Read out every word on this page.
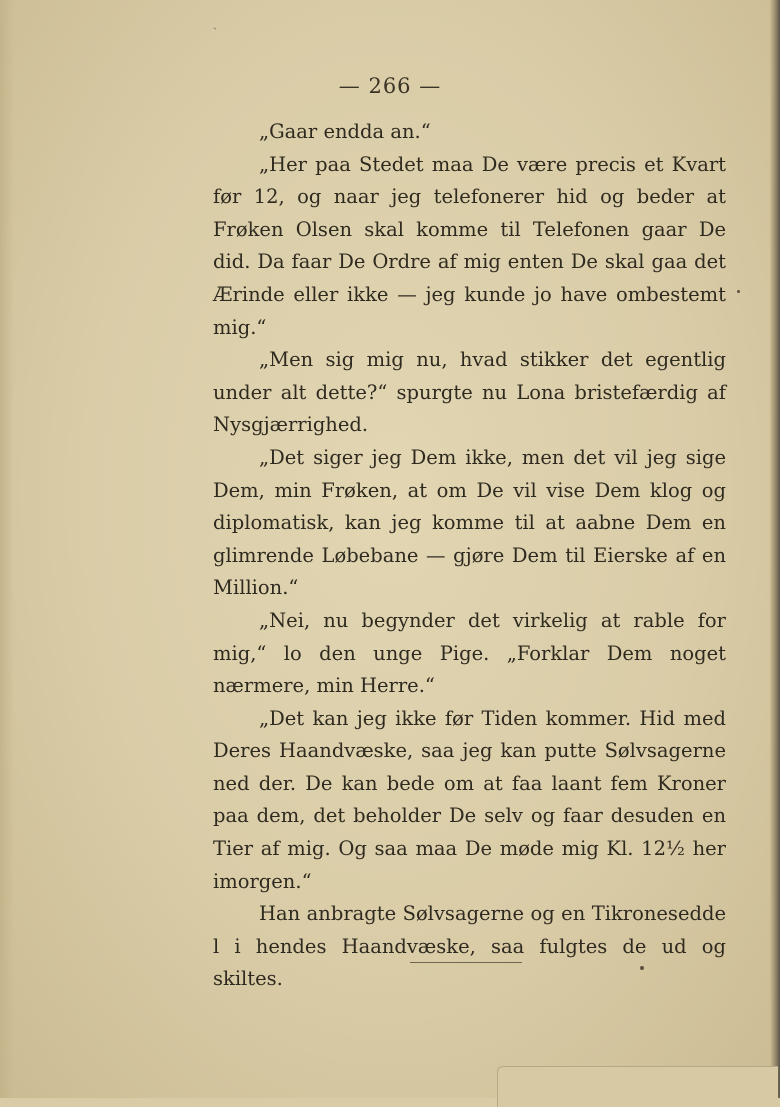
ˏ
— 266 —

„Gaar endda an.“

„Her paa Stedet maa De være precis et Kvart før 12, og naar jeg telefonerer hid og beder at Frøken Olsen skal komme til Telefonen gaar De did. Da faar De Ordre af mig enten De skal gaa det Ærinde eller ikke — jeg kunde jo have ombestemt mig.“

„Men sig mig nu, hvad stikker det egentlig under alt dette?“ spurgte nu Lona bristefærdig af Nysgjærrighed.

„Det siger jeg Dem ikke, men det vil jeg sige Dem, min Frøken, at om De vil vise Dem klog og diplomatisk, kan jeg komme til at aabne Dem en glimrende Løbebane — gjøre Dem til Eierske af en Million.“

„Nei, nu begynder det virkelig at rable for mig,“ lo den unge Pige. „Forklar Dem noget nærmere, min Herre.“

„Det kan jeg ikke før Tiden kommer. Hid med Deres Haandvæske, saa jeg kan putte Sølvsagerne ned der. De kan bede om at faa laant fem Kroner paa dem, det beholder De selv og faar desuden en Tier af mig. Og saa maa De møde mig Kl. 12½ her imorgen.“

Han anbragte Sølvsagerne og en Tikronesedde l i hendes Haandvæske, saa fulgtes de ud og skiltes.
